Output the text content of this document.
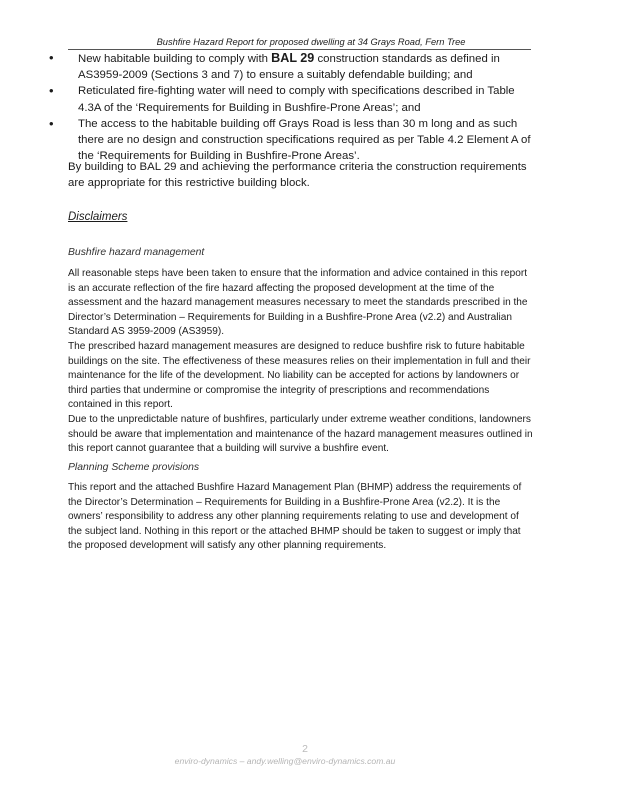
Bushfire Hazard Report for proposed dwelling at 34 Grays Road, Fern Tree
• New habitable building to comply with BAL 29 construction standards as defined in AS3959-2009 (Sections 3 and 7) to ensure a suitably defendable building; and
• Reticulated fire-fighting water will need to comply with specifications described in Table 4.3A of the ‘Requirements for Building in Bushfire-Prone Areas’; and
• The access to the habitable building off Grays Road is less than 30 m long and as such there are no design and construction specifications required as per Table 4.2 Element A of the ‘Requirements for Building in Bushfire-Prone Areas’.

By building to BAL 29 and achieving the performance criteria the construction requirements are appropriate for this restrictive building block.

Disclaimers
Bushfire hazard management

All reasonable steps have been taken to ensure that the information and advice contained in this report is an accurate reflection of the fire hazard affecting the proposed development at the time of the assessment and the hazard management measures necessary to meet the standards prescribed in the Director’s Determination – Requirements for Building in a Bushfire-Prone Area (v2.2) and Australian Standard AS 3959-2009 (AS3959).

The prescribed hazard management measures are designed to reduce bushfire risk to future habitable buildings on the site. The effectiveness of these measures relies on their implementation in full and their maintenance for the life of the development. No liability can be accepted for actions by landowners or third parties that undermine or compromise the integrity of prescriptions and recommendations contained in this report.

Due to the unpredictable nature of bushfires, particularly under extreme weather conditions, landowners should be aware that implementation and maintenance of the hazard management measures outlined in this report cannot guarantee that a building will survive a bushfire event.

Planning Scheme provisions

This report and the attached Bushfire Hazard Management Plan (BHMP) address the requirements of the Director’s Determination – Requirements for Building in a Bushfire-Prone Area (v2.2). It is the owners’ responsibility to address any other planning requirements relating to use and development of the subject land. Nothing in this report or the attached BHMP should be taken to suggest or imply that the proposed development will satisfy any other planning requirements.

2
enviro-dynamics – andy.welling@enviro-dynamics.com.au
